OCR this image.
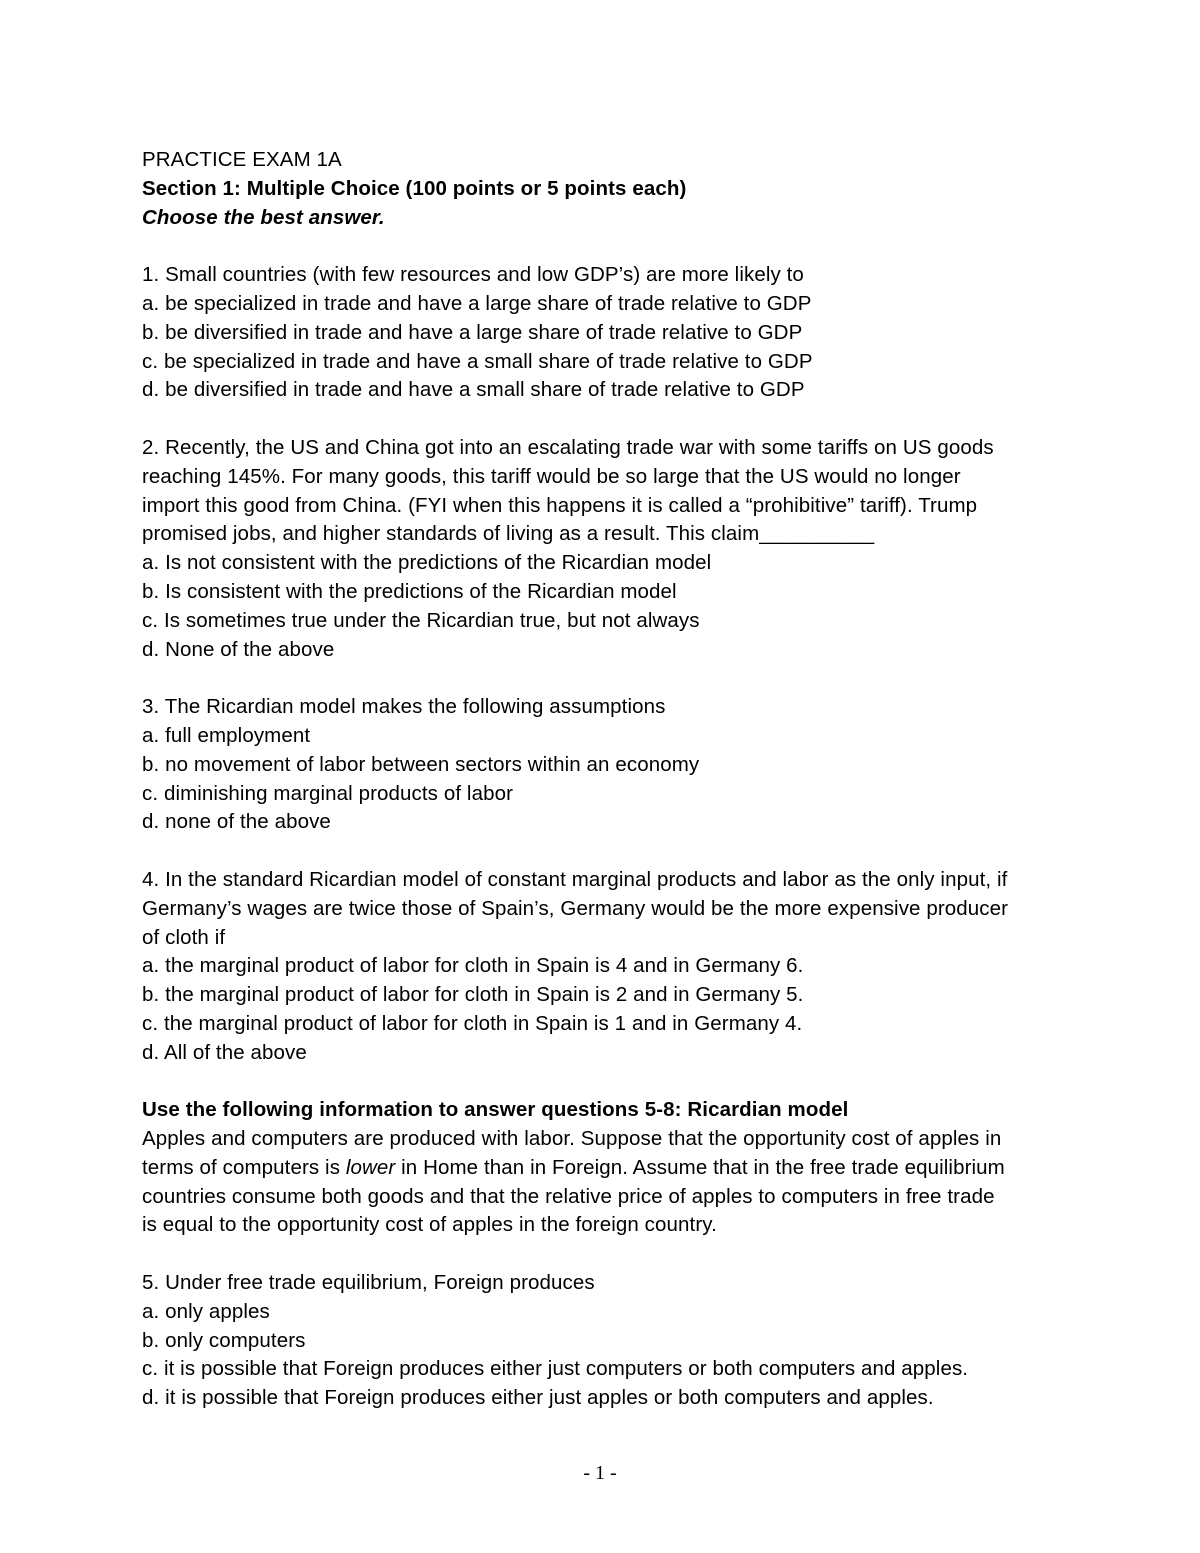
PRACTICE EXAM 1A
Section 1: Multiple Choice (100 points or 5 points each)
Choose the best answer.
1. Small countries (with few resources and low GDP’s) are more likely to
a. be specialized in trade and have a large share of trade relative to GDP
b. be diversified in trade and have a large share of trade relative to GDP
c. be specialized in trade and have a small share of trade relative to GDP
d. be diversified in trade and have a small share of trade relative to GDP
2. Recently, the US and China got into an escalating trade war with some tariffs on US goods
reaching 145%. For many goods, this tariff would be so large that the US would no longer
import this good from China. (FYI when this happens it is called a “prohibitive” tariff). Trump
promised jobs, and higher standards of living as a result. This claim__________
a. Is not consistent with the predictions of the Ricardian model
b. Is consistent with the predictions of the Ricardian model
c. Is sometimes true under the Ricardian true, but not always
d. None of the above
3. The Ricardian model makes the following assumptions
a. full employment
b. no movement of labor between sectors within an economy
c. diminishing marginal products of labor
d. none of the above
4. In the standard Ricardian model of constant marginal products and labor as the only input, if
Germany’s wages are twice those of Spain’s, Germany would be the more expensive producer
of cloth if
a. the marginal product of labor for cloth in Spain is 4 and in Germany 6.
b. the marginal product of labor for cloth in Spain is 2 and in Germany 5.
c. the marginal product of labor for cloth in Spain is 1 and in Germany 4.
d. All of the above
Use the following information to answer questions 5-8: Ricardian model
Apples and computers are produced with labor. Suppose that the opportunity cost of apples in
terms of computers is lower in Home than in Foreign. Assume that in the free trade equilibrium
countries consume both goods and that the relative price of apples to computers in free trade
is equal to the opportunity cost of apples in the foreign country.
5. Under free trade equilibrium, Foreign produces
a. only apples
b. only computers
c. it is possible that Foreign produces either just computers or both computers and apples.
d. it is possible that Foreign produces either just apples or both computers and apples.
- 1 -
